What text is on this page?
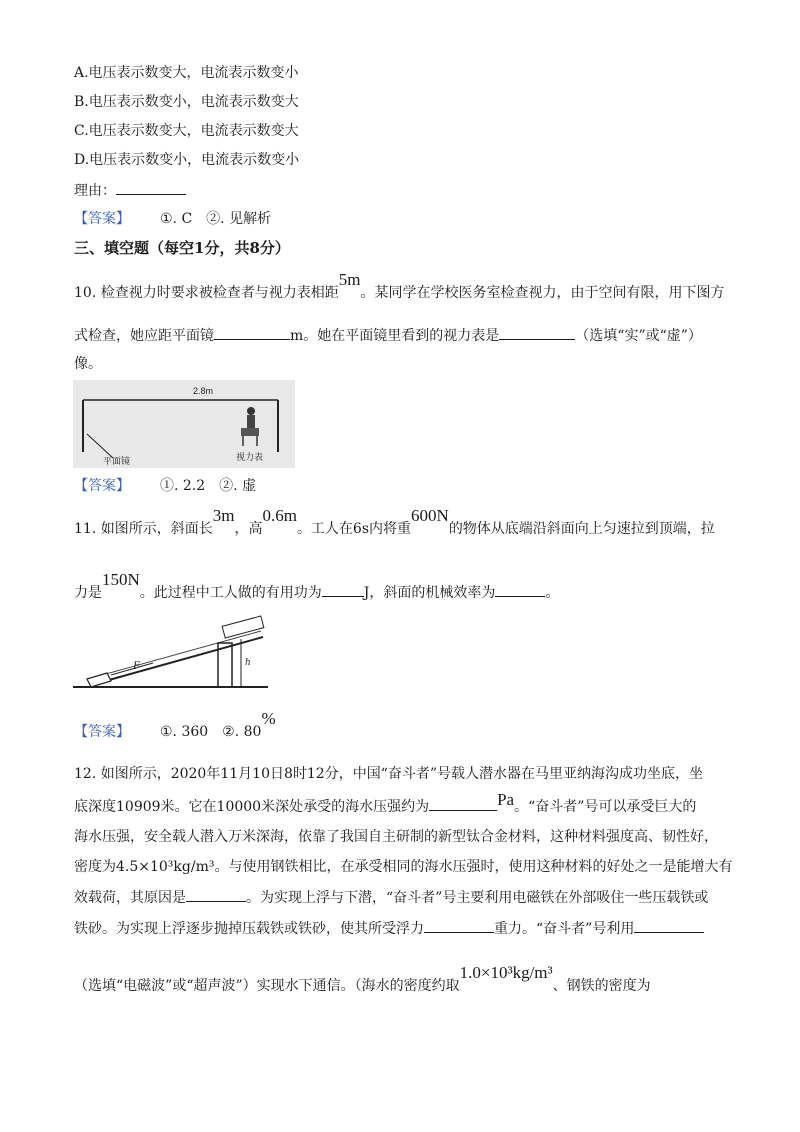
A.电压表示数变大，电流表示数变小
B.电压表示数变小，电流表示数变大
C.电压表示数变大，电流表示数变大
D.电压表示数变小，电流表示数变小
理由：
【答案】 ①. C　②. 见解析
三、填空题（每空1分，共8分）
10. 检查视力时要求被检查者与视力表相距5m。某同学在学校医务室检查视力，由于空间有限，用下图方
式检查，她应距平面镜	m。她在平面镜里看到的视力表是	（选填“实”或“虚”）
像。
2.8m
平面镜	视力表
【答案】 ①. 2.2　②. 虚
11. 如图所示，斜面长3m，高0.6m。工人在6s内将重600N的物体从底端沿斜面向上匀速拉到顶端，拉
力是150N。此过程中工人做的有用功为	J，斜面的机械效率为	。
h
F
【答案】 ①. 360　②. 80%
12. 如图所示，2020年11月10日8时12分，中国“奋斗者”号载人潜水器在马里亚纳海沟成功坐底，坐
底深度10909米。它在10000米深处承受的海水压强约为	Pa。“奋斗者”号可以承受巨大的
海水压强，安全载人潜入万米深海，依靠了我国自主研制的新型钛合金材料，这种材料强度高、韧性好，
密度为4.5×10³kg/m³。与使用钢铁相比，在承受相同的海水压强时，使用这种材料的好处之一是能增大有
效载荷，其原因是	。为实现上浮与下潜，“奋斗者”号主要利用电磁铁在外部吸住一些压载铁或
铁砂。为实现上浮逐步抛掉压载铁或铁砂，使其所受浮力	重力。“奋斗者”号利用
（选填“电磁波”或“超声波”）实现水下通信。（海水的密度约取1.0×10³kg/m³、钢铁的密度为
